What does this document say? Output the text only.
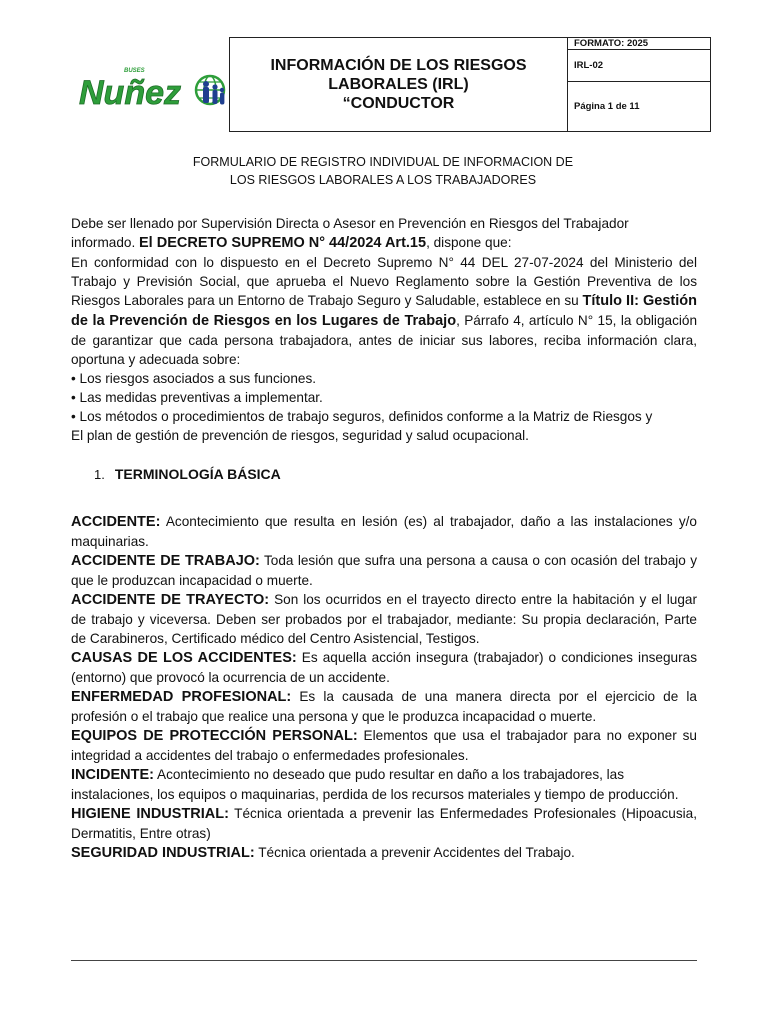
BUSES
Nuñez

INFORMACIÓN DE LOS RIESGOS
LABORALES (IRL)
“CONDUCTOR
	FORMATO: 2025
IRL-02
Página 1 de 11
FORMULARIO DE REGISTRO INDIVIDUAL DE INFORMACION DE
LOS RIESGOS LABORALES A LOS TRABAJADORES

Debe ser llenado por Supervisión Directa o Asesor en Prevención en Riesgos del Trabajador

informado. El DECRETO SUPREMO N° 44/2024 Art.15, dispone que:

En conformidad con lo dispuesto en el Decreto Supremo N° 44 DEL 27-07-2024 del Ministerio del Trabajo y Previsión Social, que aprueba el Nuevo Reglamento sobre la Gestión Preventiva de los Riesgos Laborales para un Entorno de Trabajo Seguro y Saludable, establece en su Título II: Gestión de la Prevención de Riesgos en los Lugares de Trabajo, Párrafo 4, artículo N° 15, la obligación de garantizar que cada persona trabajadora, antes de iniciar sus labores, reciba información clara, oportuna y adecuada sobre:

• Los riesgos asociados a sus funciones.

• Las medidas preventivas a implementar.

• Los métodos o procedimientos de trabajo seguros, definidos conforme a la Matriz de Riesgos y

El plan de gestión de prevención de riesgos, seguridad y salud ocupacional.

1. TERMINOLOGÍA BÁSICA

ACCIDENTE: Acontecimiento que resulta en lesión (es) al trabajador, daño a las instalaciones y/o maquinarias.

ACCIDENTE DE TRABAJO: Toda lesión que sufra una persona a causa o con ocasión del trabajo y que le produzcan incapacidad o muerte.

ACCIDENTE DE TRAYECTO: Son los ocurridos en el trayecto directo entre la habitación y el lugar de trabajo y viceversa. Deben ser probados por el trabajador, mediante: Su propia declaración, Parte de Carabineros, Certificado médico del Centro Asistencial, Testigos.

CAUSAS DE LOS ACCIDENTES: Es aquella acción insegura (trabajador) o condiciones inseguras (entorno) que provocó la ocurrencia de un accidente.

ENFERMEDAD PROFESIONAL: Es la causada de una manera directa por el ejercicio de la profesión o el trabajo que realice una persona y que le produzca incapacidad o muerte.

EQUIPOS DE PROTECCIÓN PERSONAL: Elementos que usa el trabajador para no exponer su integridad a accidentes del trabajo o enfermedades profesionales.

INCIDENTE: Acontecimiento no deseado que pudo resultar en daño a los trabajadores, las instalaciones, los equipos o maquinarias, perdida de los recursos materiales y tiempo de producción.

HIGIENE INDUSTRIAL: Técnica orientada a prevenir las Enfermedades Profesionales (Hipoacusia, Dermatitis, Entre otras)

SEGURIDAD INDUSTRIAL: Técnica orientada a prevenir Accidentes del Trabajo.
